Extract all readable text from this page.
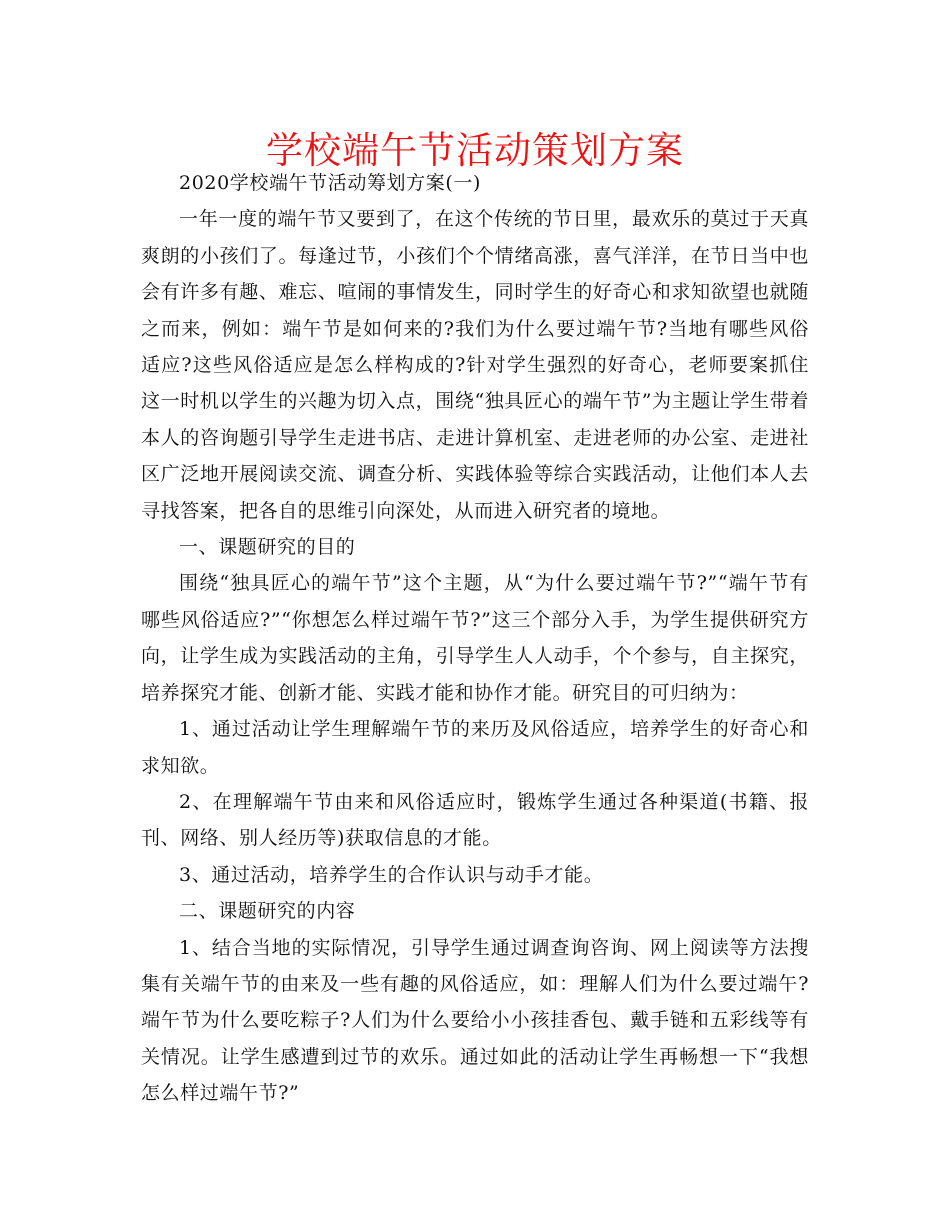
学校端午节活动策划方案

2020学校端午节活动筹划方案(一)

一年一度的端午节又要到了，在这个传统的节日里，最欢乐的莫过于天真爽朗的小孩们了。每逢过节，小孩们个个情绪高涨，喜气洋洋，在节日当中也会有许多有趣、难忘、喧闹的事情发生，同时学生的好奇心和求知欲望也就随之而来，例如：端午节是如何来的?我们为什么要过端午节?当地有哪些风俗适应?这些风俗适应是怎么样构成的?针对学生强烈的好奇心，老师要案抓住这一时机以学生的兴趣为切入点，围绕“独具匠心的端午节”为主题让学生带着本人的咨询题引导学生走进书店、走进计算机室、走进老师的办公室、走进社区广泛地开展阅读交流、调查分析、实践体验等综合实践活动，让他们本人去寻找答案，把各自的思维引向深处，从而进入研究者的境地。

一、课题研究的目的

围绕“独具匠心的端午节”这个主题，从“为什么要过端午节?”“端午节有哪些风俗适应?”“你想怎么样过端午节?”这三个部分入手，为学生提供研究方向，让学生成为实践活动的主角，引导学生人人动手，个个参与，自主探究，培养探究才能、创新才能、实践才能和协作才能。研究目的可归纳为：

1、通过活动让学生理解端午节的来历及风俗适应，培养学生的好奇心和求知欲。

2、在理解端午节由来和风俗适应时，锻炼学生通过各种渠道(书籍、报刊、网络、别人经历等)获取信息的才能。

3、通过活动，培养学生的合作认识与动手才能。

二、课题研究的内容

1、结合当地的实际情况，引导学生通过调查询咨询、网上阅读等方法搜集有关端午节的由来及一些有趣的风俗适应，如：理解人们为什么要过端午?端午节为什么要吃粽子?人们为什么要给小小孩挂香包、戴手链和五彩线等有关情况。让学生感遭到过节的欢乐。通过如此的活动让学生再畅想一下“我想怎么样过端午节?”
